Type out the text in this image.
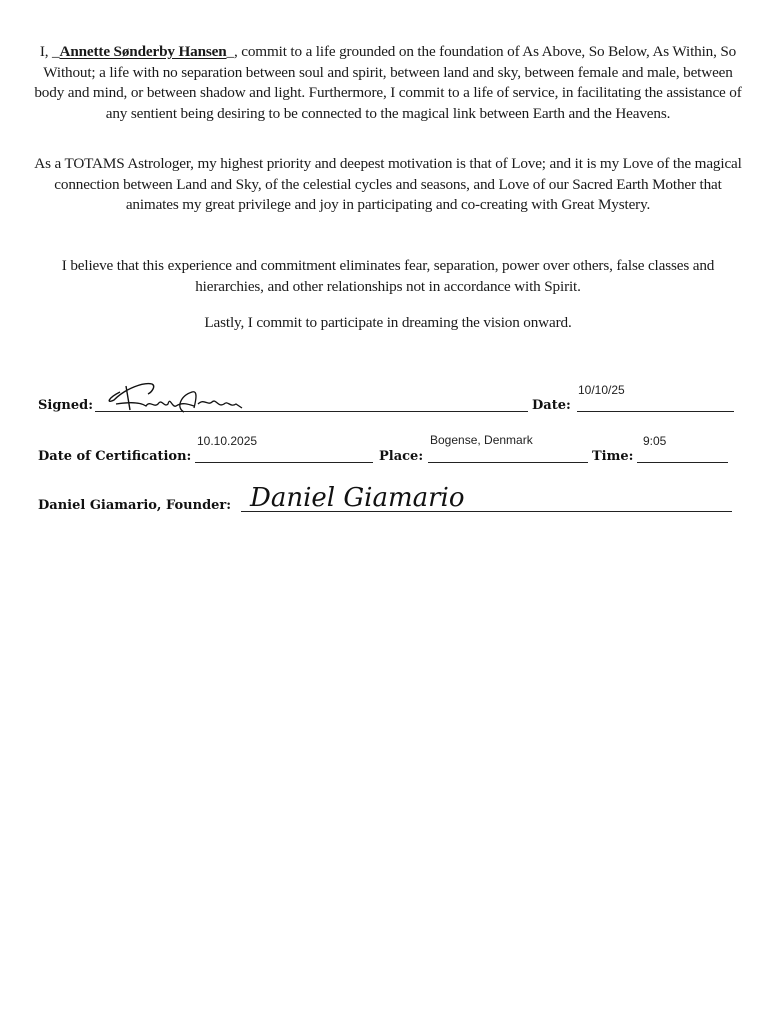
I, _Annette Sønderby Hansen_, commit to a life grounded on the foundation of As Above, So Below, As Within, So Without; a life with no separation between soul and spirit, between land and sky, between female and male, between body and mind, or between shadow and light. Furthermore, I commit to a life of service, in facilitating the assistance of any sentient being desiring to be connected to the magical link between Earth and the Heavens.
As a TOTAMS Astrologer, my highest priority and deepest motivation is that of Love; and it is my Love of the magical connection between Land and Sky, of the celestial cycles and seasons, and Love of our Sacred Earth Mother that animates my great privilege and joy in participating and co-creating with Great Mystery.
I believe that this experience and commitment eliminates fear, separation, power over others, false classes and hierarchies, and other relationships not in accordance with Spirit.
Lastly, I commit to participate in dreaming the vision onward.
Signed:	Date:
10/10/25
Date of Certification:
10.10.2025
Place:
Bogense, Denmark
Time:
9:05
Daniel Giamario, Founder: Daniel Giamario
